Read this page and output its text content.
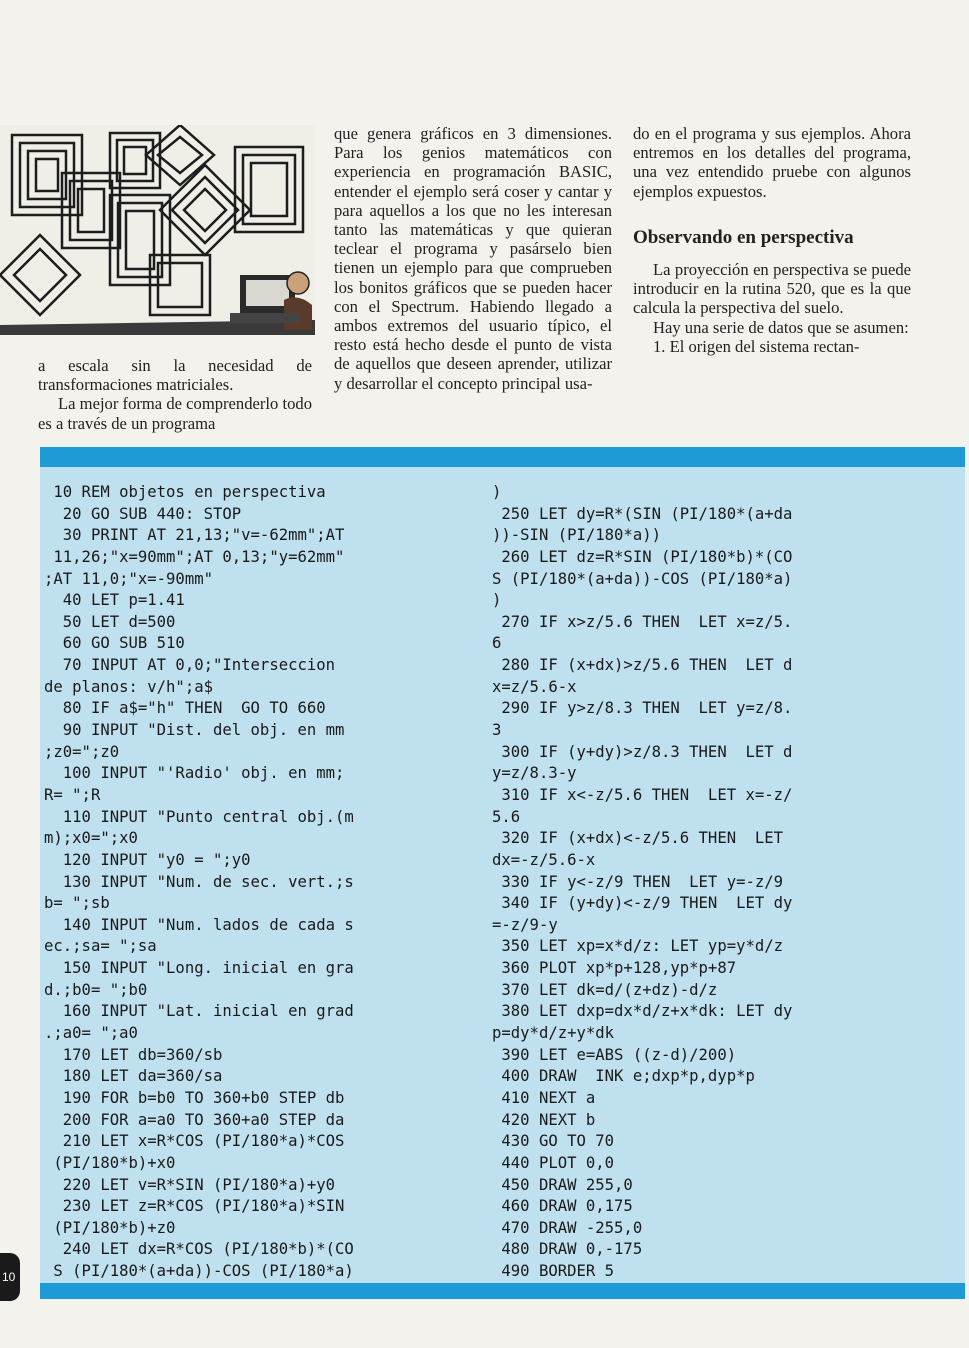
a escala sin la necesidad de transformaciones matriciales.

La mejor forma de comprenderlo todo es a través de un programa

que genera gráficos en 3 dimensiones. Para los genios matemáticos con experiencia en programación BASIC, entender el ejemplo será coser y cantar y para aquellos a los que no les interesan tanto las matemáticas y que quieran teclear el programa y pasárselo bien tienen un ejemplo para que comprueben los bonitos gráficos que se pueden hacer con el Spectrum. Habiendo llegado a ambos extremos del usuario típico, el resto está hecho desde el punto de vista de aquellos que deseen aprender, utilizar y desarrollar el concepto principal usa-

do en el programa y sus ejemplos. Ahora entremos en los detalles del programa, una vez entendido pruebe con algunos ejemplos expuestos.

Observando en perspectiva

La proyección en perspectiva se puede introducir en la rutina 520, que es la que calcula la perspectiva del suelo.

Hay una serie de datos que se asumen:

1. El origen del sistema rectan-

10 REM objetos en perspectiva
20 GO SUB 440: STOP
30 PRINT AT 21,13;"v=-62mm";AT
11,26;"x=90mm";AT 0,13;"y=62mm"
;AT 11,0;"x=-90mm"
40 LET p=1.41
50 LET d=500
60 GO SUB 510
70 INPUT AT 0,0;"Interseccion
de planos: v/h";a$
80 IF a$="h" THEN  GO TO 660
90 INPUT "Dist. del obj. en mm
;z0=";z0
100 INPUT "'Radio' obj. en mm;
R= ";R
110 INPUT "Punto central obj.(m
m);x0=";x0
120 INPUT "y0 = ";y0
130 INPUT "Num. de sec. vert.;s
b= ";sb
140 INPUT "Num. lados de cada s
ec.;sa= ";sa
150 INPUT "Long. inicial en gra
d.;b0= ";b0
160 INPUT "Lat. inicial en grad
.;a0= ";a0
170 LET db=360/sb
180 LET da=360/sa
190 FOR b=b0 TO 360+b0 STEP db
200 FOR a=a0 TO 360+a0 STEP da
210 LET x=R*COS (PI/180*a)*COS
(PI/180*b)+x0
220 LET v=R*SIN (PI/180*a)+y0
230 LET z=R*COS (PI/180*a)*SIN
(PI/180*b)+z0
240 LET dx=R*COS (PI/180*b)*(CO
S (PI/180*(a+da))-COS (PI/180*a)
)
250 LET dy=R*(SIN (PI/180*(a+da
))-SIN (PI/180*a))
260 LET dz=R*SIN (PI/180*b)*(CO
S (PI/180*(a+da))-COS (PI/180*a)
)
270 IF x>z/5.6 THEN  LET x=z/5.
6
280 IF (x+dx)>z/5.6 THEN  LET d
x=z/5.6-x
290 IF y>z/8.3 THEN  LET y=z/8.
3
300 IF (y+dy)>z/8.3 THEN  LET d
y=z/8.3-y
310 IF x<-z/5.6 THEN  LET x=-z/
5.6
320 IF (x+dx)<-z/5.6 THEN  LET
dx=-z/5.6-x
330 IF y<-z/9 THEN  LET y=-z/9
340 IF (y+dy)<-z/9 THEN  LET dy
=-z/9-y
350 LET xp=x*d/z: LET yp=y*d/z
360 PLOT xp*p+128,yp*p+87
370 LET dk=d/(z+dz)-d/z
380 LET dxp=dx*d/z+x*dk: LET dy
p=dy*d/z+y*dk
390 LET e=ABS ((z-d)/200)
400 DRAW  INK e;dxp*p,dyp*p
410 NEXT a
420 NEXT b
430 GO TO 70
440 PLOT 0,0
450 DRAW 255,0
460 DRAW 0,175
470 DRAW -255,0
480 DRAW 0,-175
490 BORDER 5
10
